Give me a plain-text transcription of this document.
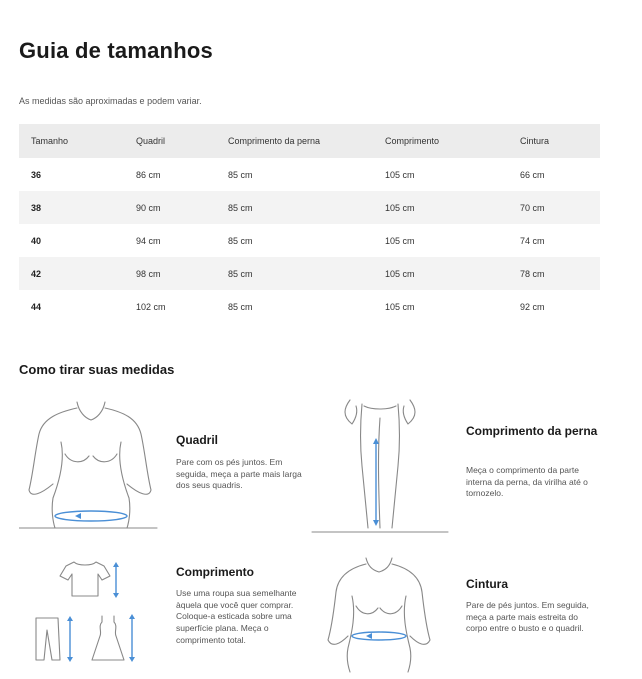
Guia de tamanhos
As medidas são aproximadas e podem variar.
Tamanho	Quadril	Comprimento da perna	Comprimento	Cintura
36	86 cm	85 cm	105 cm	66 cm
38	90 cm	85 cm	105 cm	70 cm
40	94 cm	85 cm	105 cm	74 cm
42	98 cm	85 cm	105 cm	78 cm
44	102 cm	85 cm	105 cm	92 cm
Como tirar suas medidas
Quadril
Pare com os pés juntos. Em seguida, meça a parte mais larga dos seus quadris.
Comprimento da perna
Meça o comprimento da parte interna da perna, da virilha até o tornozelo.
Comprimento
Use uma roupa sua semelhante àquela que você quer comprar. Coloque-a esticada sobre uma superfície plana. Meça o comprimento total.
Cintura
Pare de pés juntos. Em seguida, meça a parte mais estreita do corpo entre o busto e o quadril.
